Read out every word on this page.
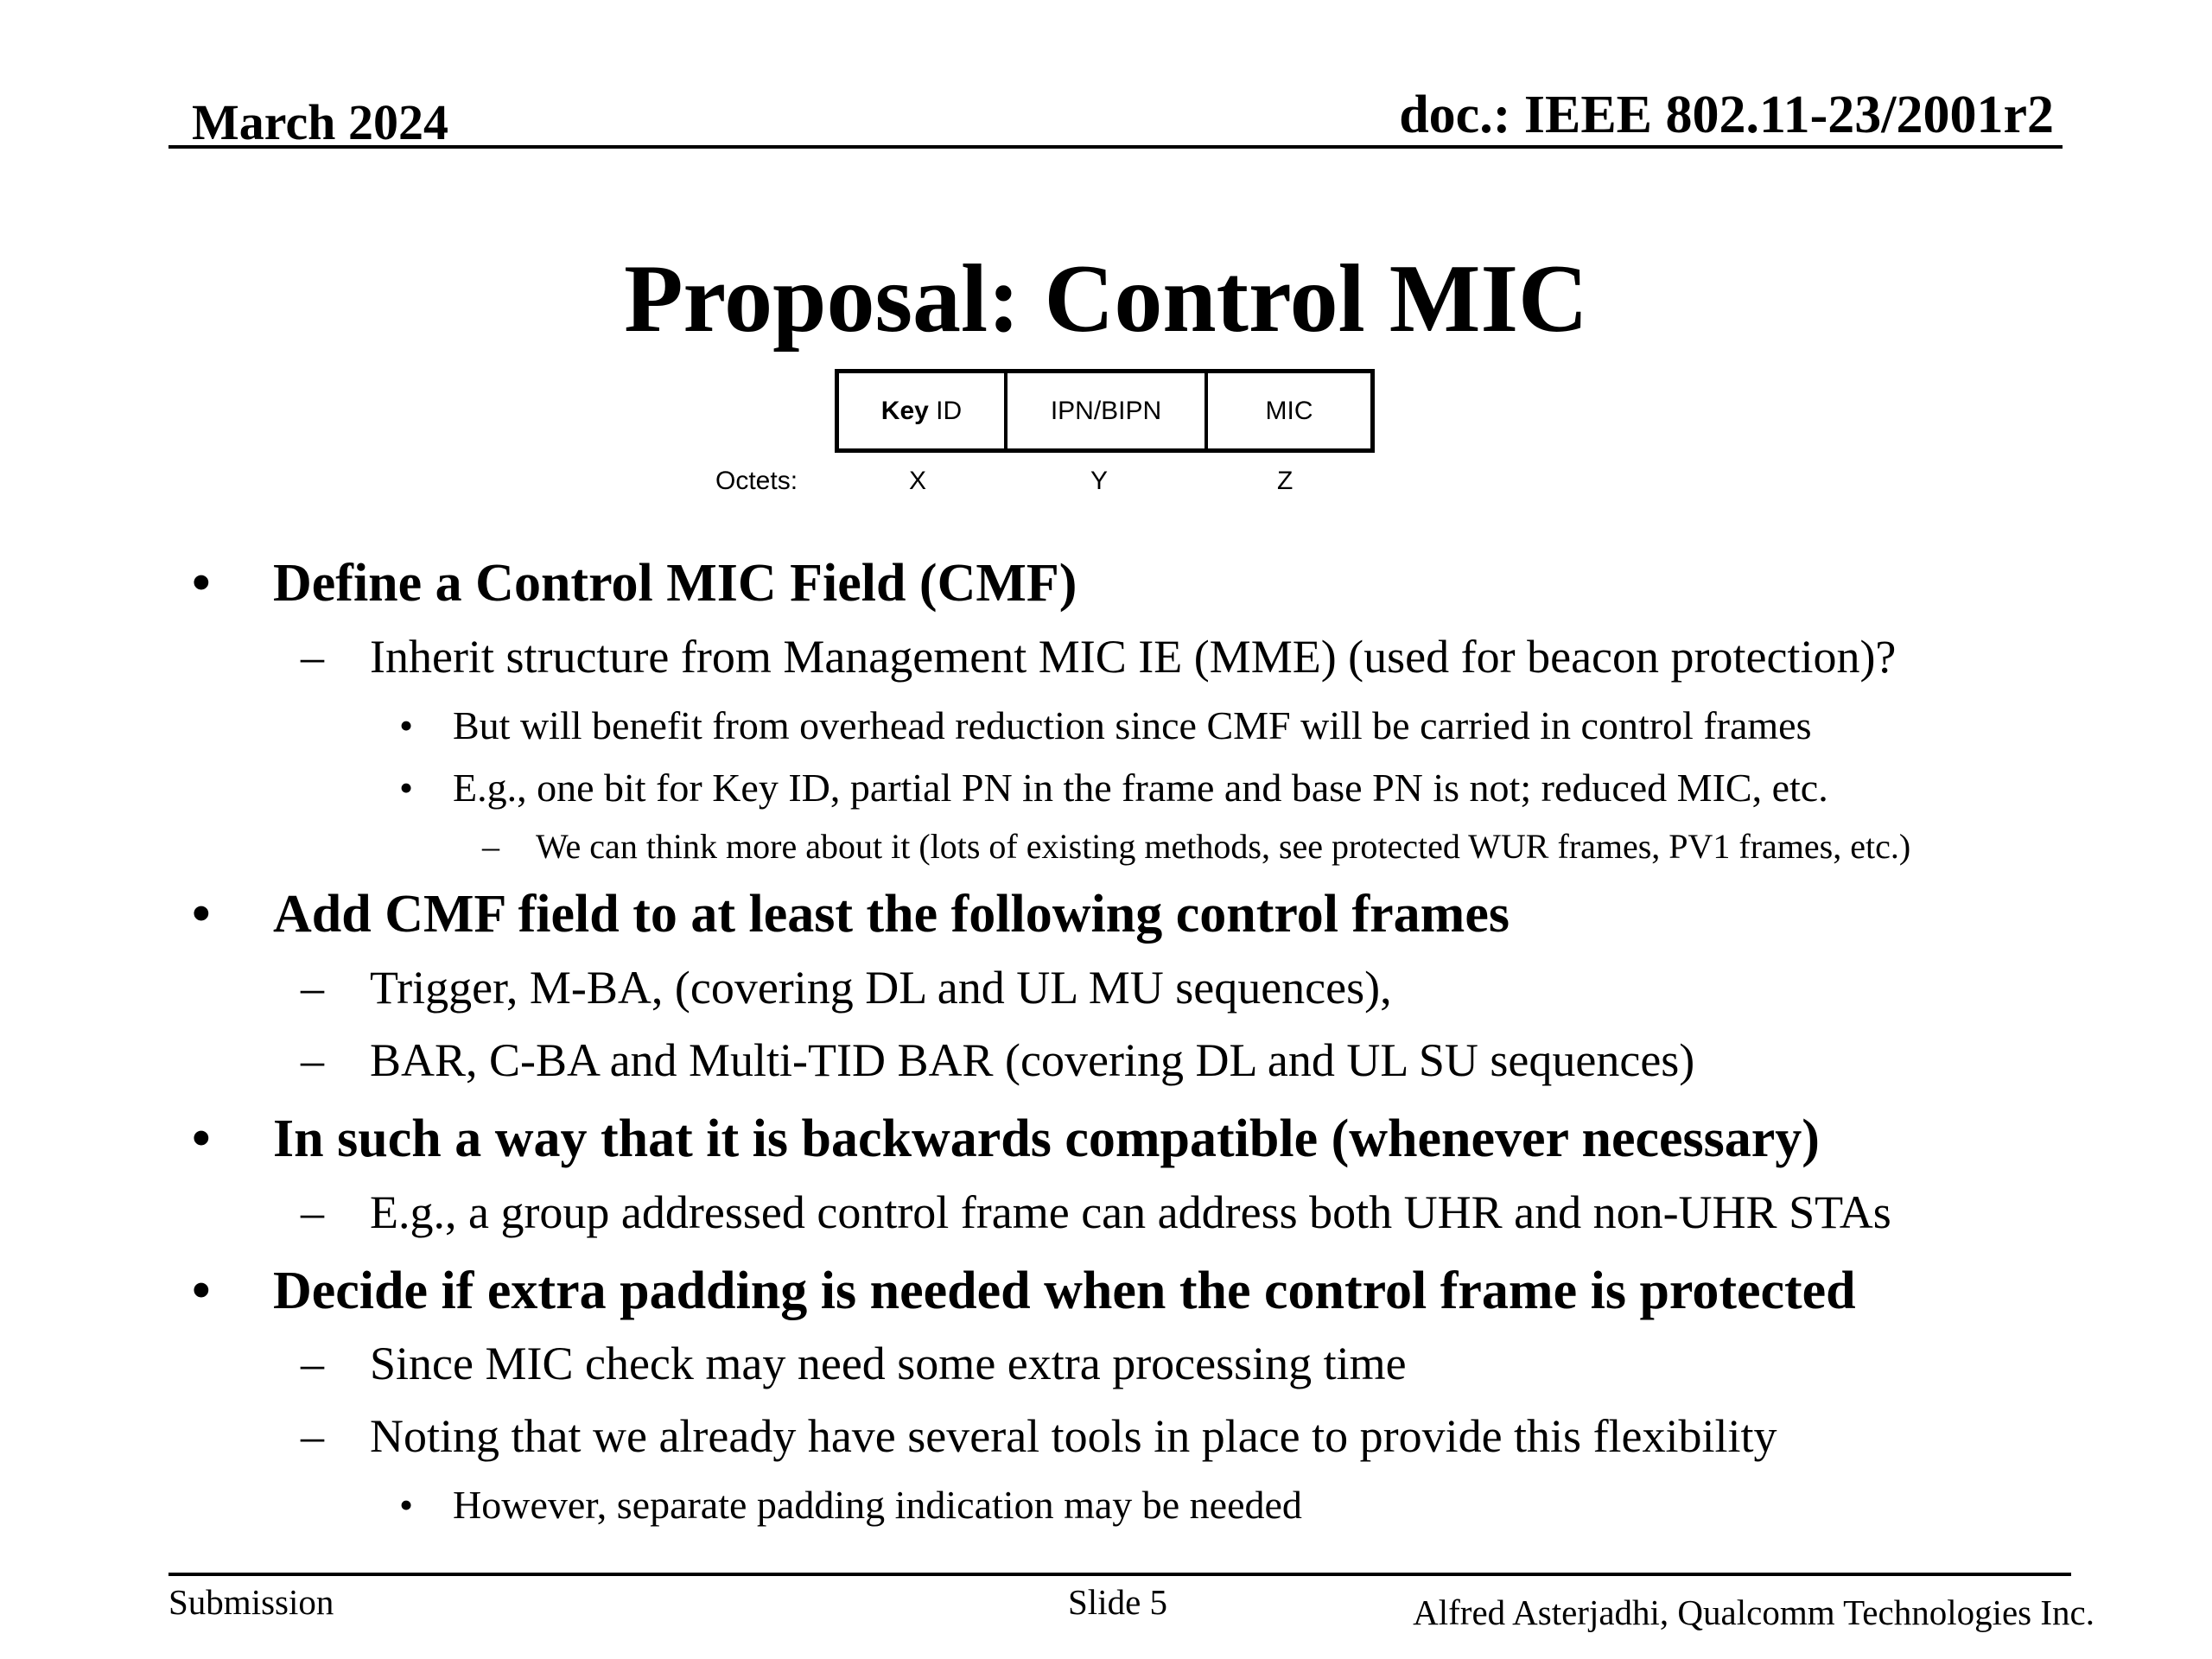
March 2024	doc.: IEEE 802.11-23/2001r2
Proposal: Control MIC
Key ID	IPN/BIPN	MIC
Octets:	X	Y	Z
• Define a Control MIC Field (CMF)
– Inherit structure from Management MIC IE (MME) (used for beacon protection)?
• But will benefit from overhead reduction since CMF will be carried in control frames
• E.g., one bit for Key ID, partial PN in the frame and base PN is not; reduced MIC, etc.
– We can think more about it (lots of existing methods, see protected WUR frames, PV1 frames, etc.)
• Add CMF field to at least the following control frames
– Trigger, M-BA, (covering DL and UL MU sequences),
– BAR, C-BA and Multi-TID BAR (covering DL and UL SU sequences)
• In such a way that it is backwards compatible (whenever necessary)
– E.g., a group addressed control frame can address both UHR and non-UHR STAs
• Decide if extra padding is needed when the control frame is protected
– Since MIC check may need some extra processing time
– Noting that we already have several tools in place to provide this flexibility
• However, separate padding indication may be needed
Submission	Slide 5	Alfred Asterjadhi, Qualcomm Technologies Inc.
